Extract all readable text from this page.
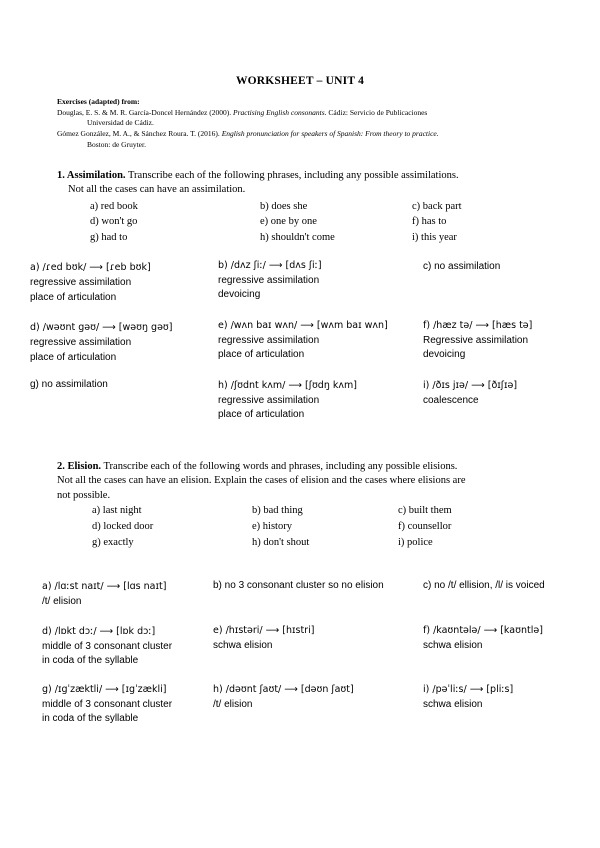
WORKSHEET – UNIT 4
Exercises (adapted) from:
Douglas, E. S. & M. R. García-Doncel Hernández (2000). Practising English consonants. Cádiz: Servicio de Publicaciones
Universidad de Cádiz.
Gómez González, M. A., & Sánchez Roura. T. (2016). English pronunciation for speakers of Spanish: From theory to practice.
Boston: de Gruyter.
1. Assimilation. Transcribe each of the following phrases, including any possible assimilations.
Not all the cases can have an assimilation.
a) red book	b) does she	c) back part
d) won't go	e) one by one	f) has to
g) had to	h) shouldn't come	i) this year
a) /ɾed bʊk/ ⟶ [ɾeb bʊk]
regressive assimilation
place of articulation
b) /dʌz ʃiː/ ⟶ [dʌs ʃiː]
regressive assimilation
devoicing
c) no assimilation
d) /wəʊnt gəʊ/ ⟶ [wəʊŋ gəʊ]
regressive assimilation
place of articulation
e) /wʌn baɪ wʌn/ ⟶ [wʌm baɪ wʌn]
regressive assimilation
place of articulation
f) /hæz tə/ ⟶ [hæs tə]
Regressive assimilation
devoicing
g) no assimilation	h) /ʃʊdnt kʌm/ ⟶ [ʃʊdŋ kʌm]
regressive assimilation
place of articulation
i) /ðɪs jɪə/ ⟶ [ðɪʃɪə]
coalescence
2. Elision. Transcribe each of the following words and phrases, including any possible elisions.
Not all the cases can have an elision. Explain the cases of elision and the cases where elisions are
not possible.
a) last night	b) bad thing	c) built them
d) locked door	e) history	f) counsellor
g) exactly	h) don't shout	i) police
a) /lɑːst naɪt/ ⟶ [lɑs naɪt]
/t/ elision
b) no 3 consonant cluster so no elision	c) no /t/ ellision, /l/ is voiced
d) /lɒkt dɔː/ ⟶ [lɒk dɔː]
middle of 3 consonant cluster
in coda of the syllable
e) /hɪstəri/ ⟶ [hɪstri]
schwa elision
f) /kaʊntələ/ ⟶ [kaʊntlə]
schwa elision
g) /ɪgˈzæktli/ ⟶ [ɪgˈzækli]
middle of 3 consonant cluster
in coda of the syllable
h) /dəʊnt ʃaʊt/ ⟶ [dəʊn ʃaʊt]
/t/ elision
i) /pəˈliːs/ ⟶ [pliːs]
schwa elision
